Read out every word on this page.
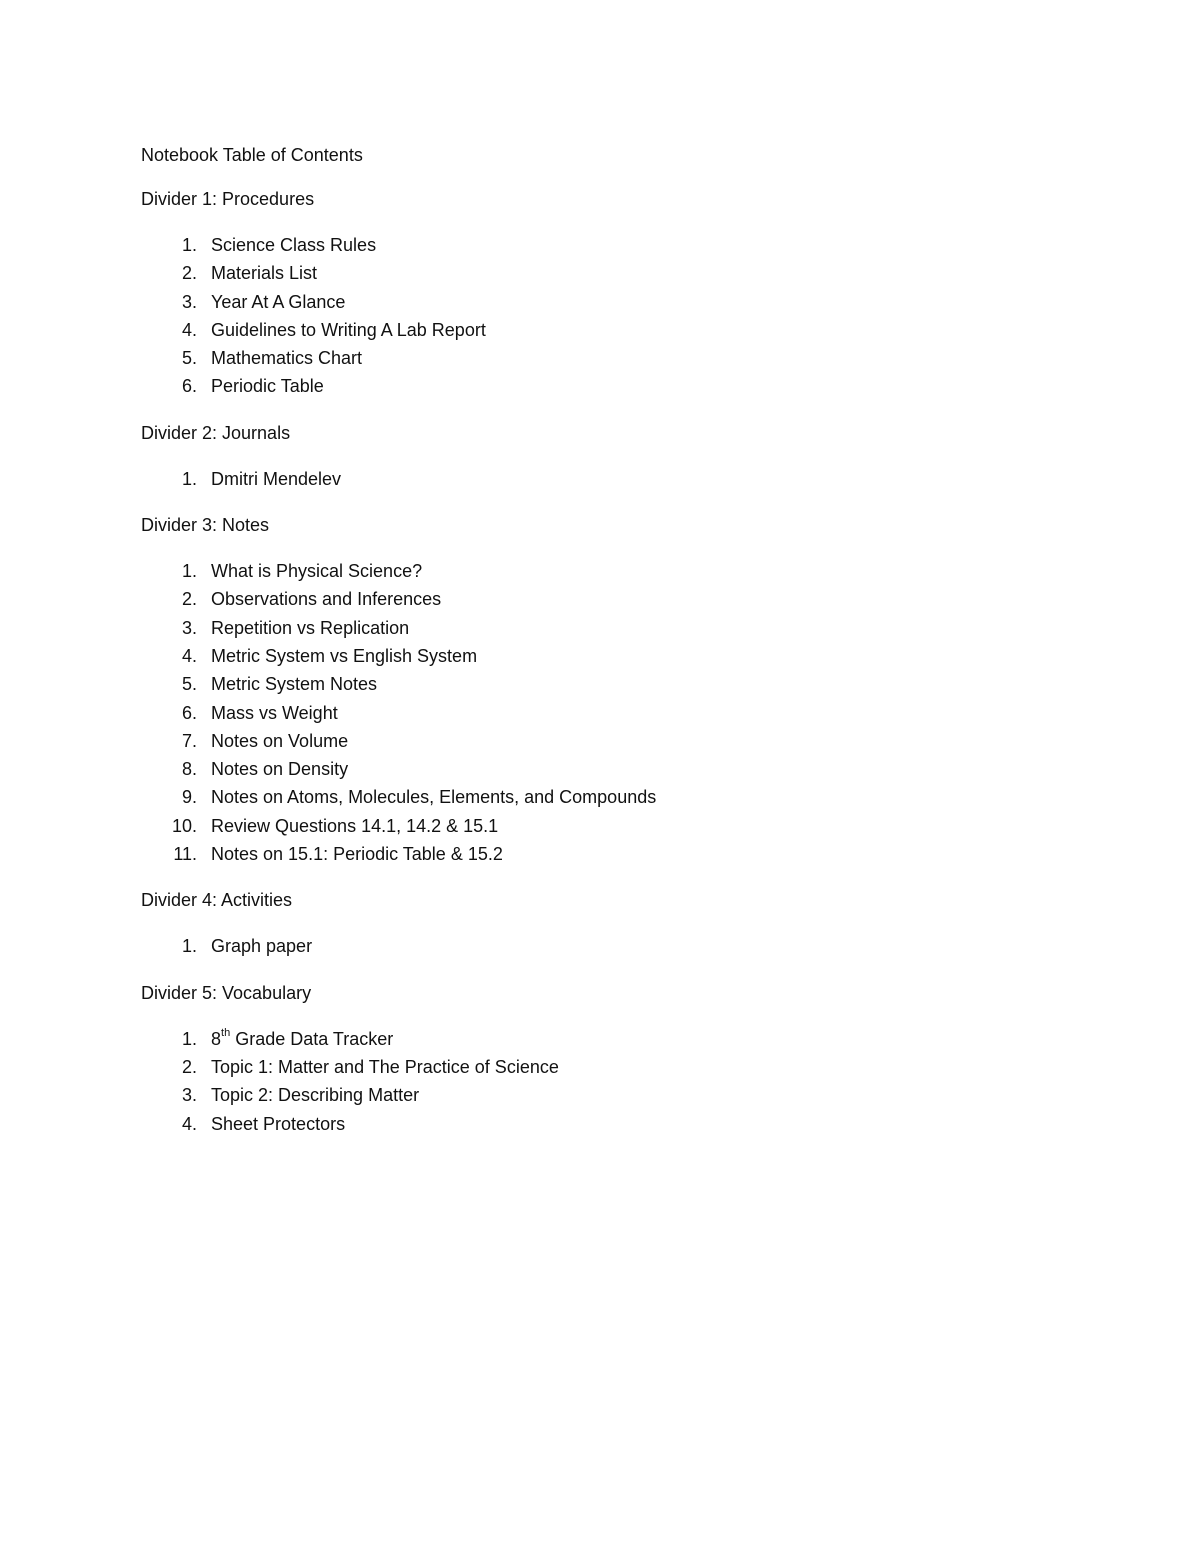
Notebook Table of Contents
Divider 1: Procedures
1. Science Class Rules
2. Materials List
3. Year At A Glance
4. Guidelines to Writing A Lab Report
5. Mathematics Chart
6. Periodic Table
Divider 2: Journals
1. Dmitri Mendelev
Divider 3: Notes
1. What is Physical Science?
2. Observations and Inferences
3. Repetition vs Replication
4. Metric System vs English System
5. Metric System Notes
6. Mass vs Weight
7. Notes on Volume
8. Notes on Density
9. Notes on Atoms, Molecules, Elements, and Compounds
10. Review Questions 14.1, 14.2 & 15.1
11. Notes on 15.1: Periodic Table & 15.2
Divider 4: Activities
1. Graph paper
Divider 5: Vocabulary
1. 8th Grade Data Tracker
2. Topic 1: Matter and The Practice of Science
3. Topic 2: Describing Matter
4. Sheet Protectors
